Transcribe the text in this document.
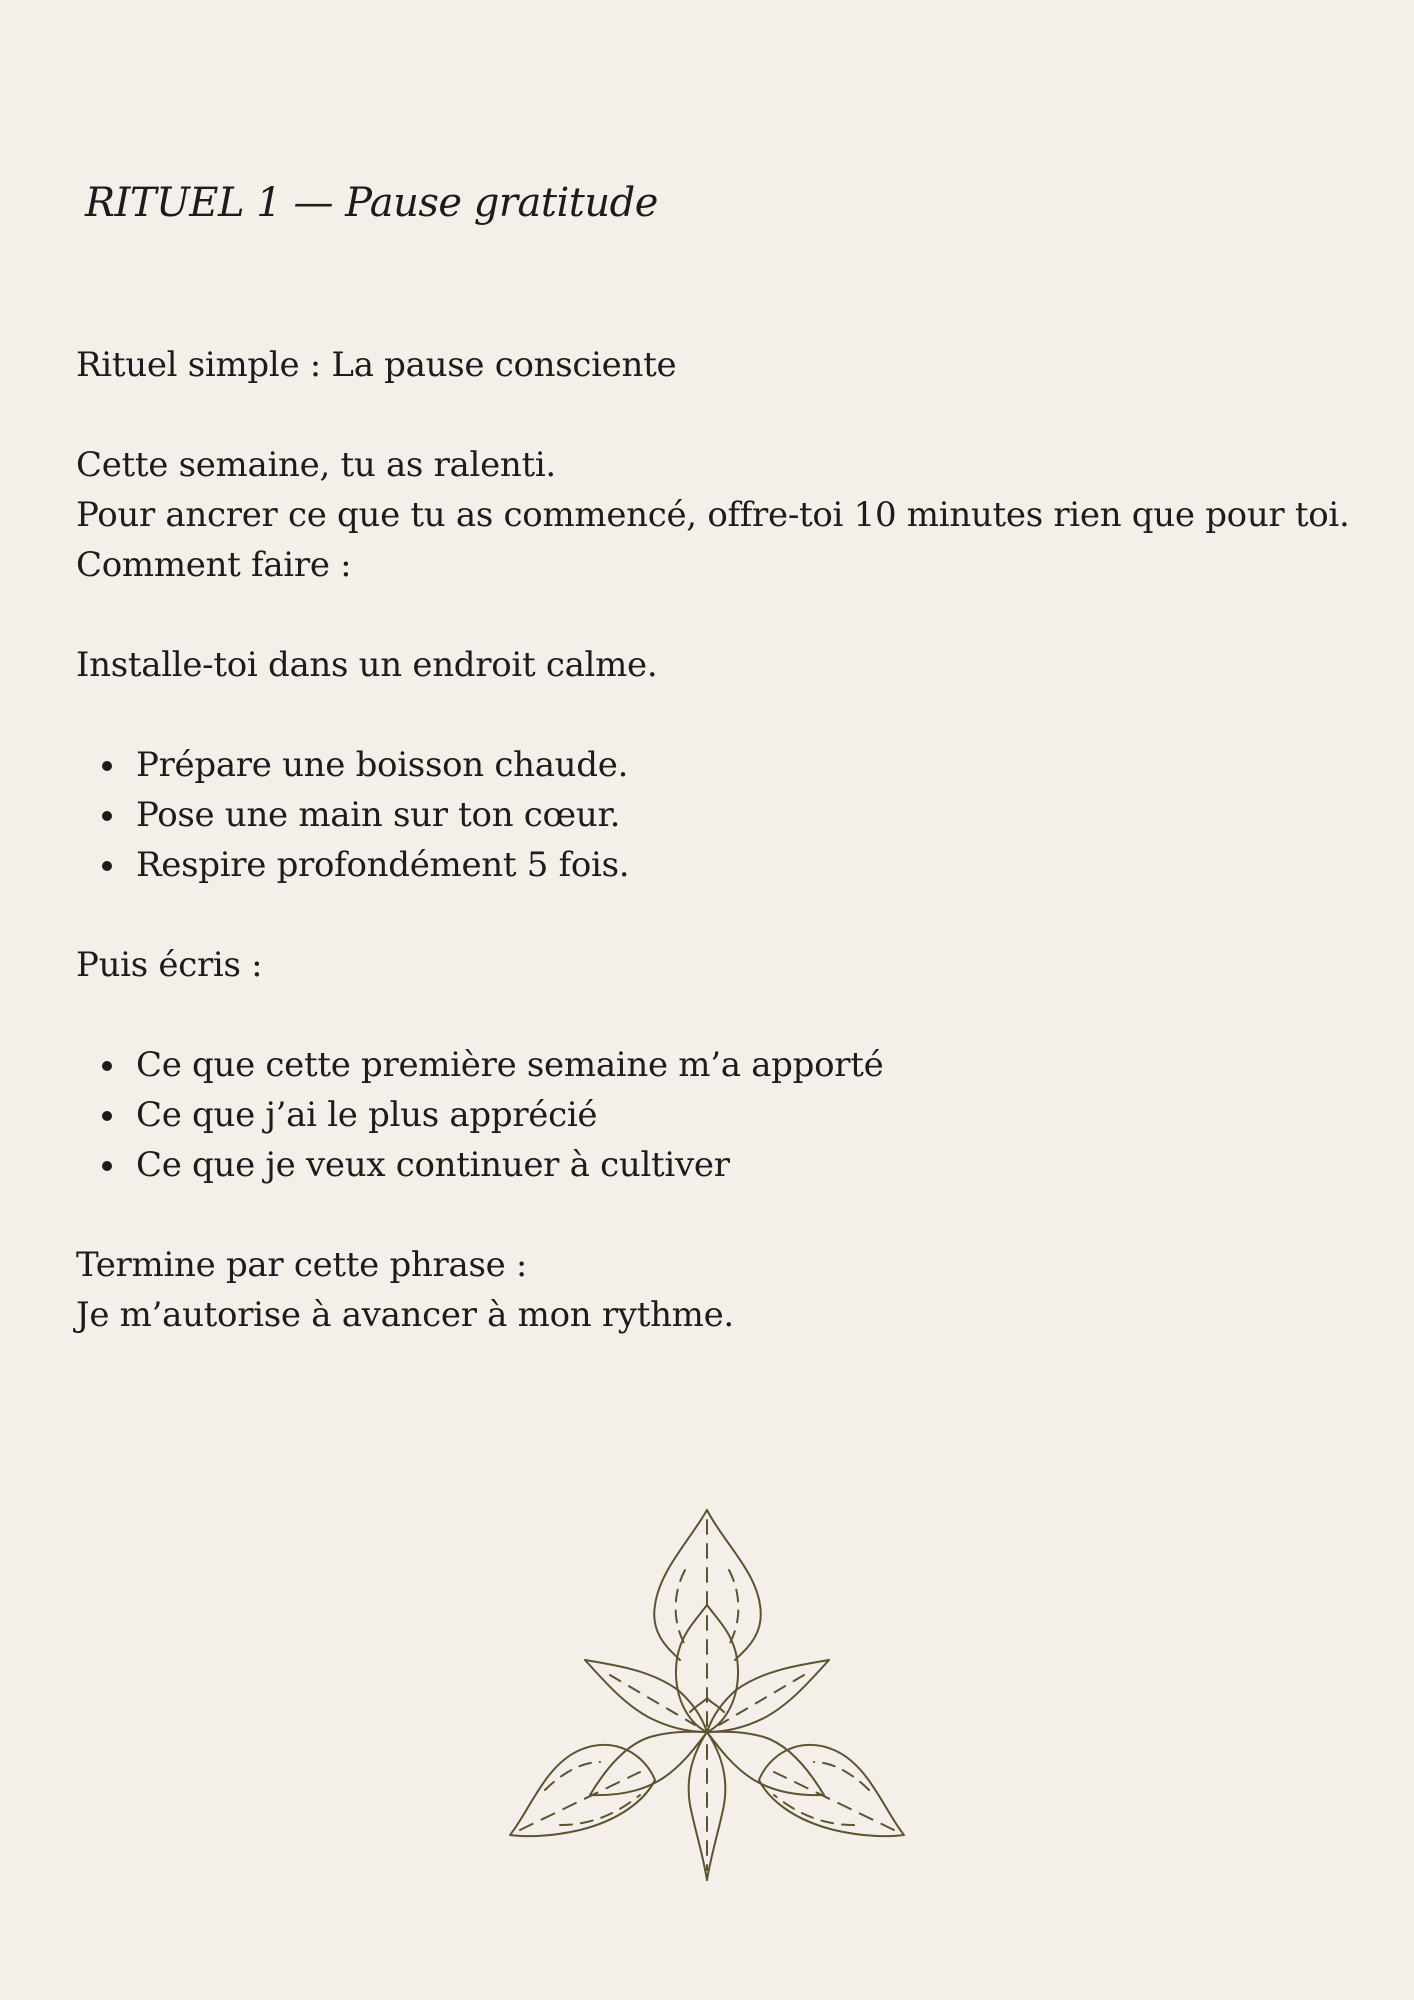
RITUEL 1 — Pause gratitude

Rituel simple : La pause consciente

Cette semaine, tu as ralenti.

Pour ancrer ce que tu as commencé, offre-toi 10 minutes rien que pour toi.

Comment faire :

Installe-toi dans un endroit calme.

Prépare une boisson chaude.
Pose une main sur ton cœur.
Respire profondément 5 fois.

Puis écris :

Ce que cette première semaine m’a apporté
Ce que j’ai le plus apprécié
Ce que je veux continuer à cultiver

Termine par cette phrase :

Je m’autorise à avancer à mon rythme.
